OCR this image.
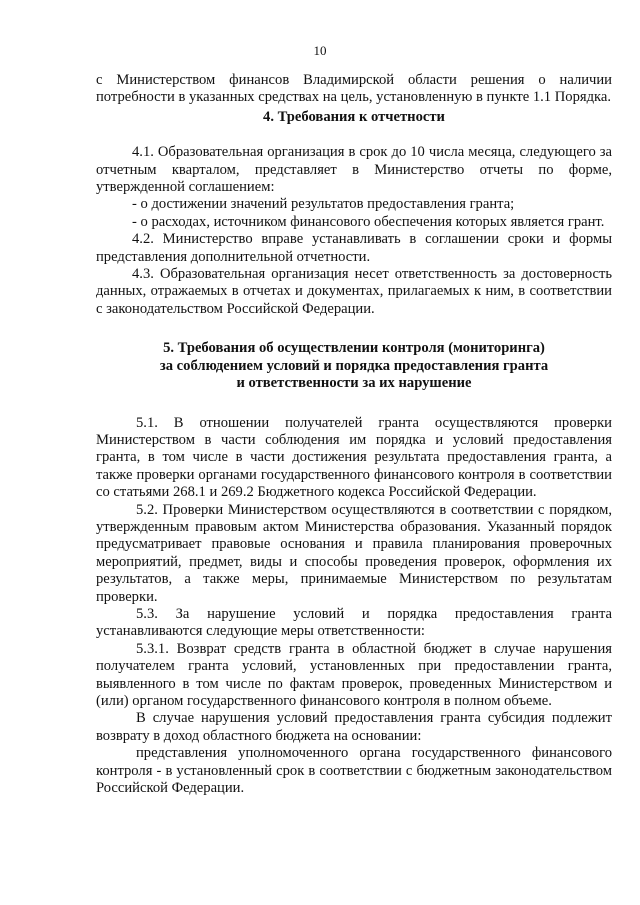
10

с Министерством финансов Владимирской области решения о наличии потребности в указанных средствах на цель, установленную в пункте 1.1 Порядка.

4. Требования к отчетности

4.1. Образовательная организация в срок до 10 числа месяца, следующего за отчетным кварталом, представляет в Министерство отчеты по форме, утвержденной соглашением:

- о достижении значений результатов предоставления гранта;

- о расходах, источником финансового обеспечения которых является грант.

4.2. Министерство вправе устанавливать в соглашении сроки и формы представления дополнительной отчетности.

4.3. Образовательная организация несет ответственность за достоверность данных, отражаемых в отчетах и документах, прилагаемых к ним, в соответствии с законодательством Российской Федерации.

5. Требования об осуществлении контроля (мониторинга)

за соблюдением условий и порядка предоставления гранта

и ответственности за их нарушение

5.1. В отношении получателей гранта осуществляются проверки Министерством в части соблюдения им порядка и условий предоставления гранта, в том числе в части достижения результата предоставления гранта, а также проверки органами государственного финансового контроля в соответствии со статьями 268.1 и 269.2 Бюджетного кодекса Российской Федерации.

5.2. Проверки Министерством осуществляются в соответствии с порядком, утвержденным правовым актом Министерства образования. Указанный порядок предусматривает правовые основания и правила планирования проверочных мероприятий, предмет, виды и способы проведения проверок, оформления их результатов, а также меры, принимаемые Министерством по результатам проверки.

5.3. За нарушение условий и порядка предоставления гранта устанавливаются следующие меры ответственности:

5.3.1. Возврат средств гранта в областной бюджет в случае нарушения получателем гранта условий, установленных при предоставлении гранта, выявленного в том числе по фактам проверок, проведенных Министерством и (или) органом государственного финансового контроля в полном объеме.

В случае нарушения условий предоставления гранта субсидия подлежит возврату в доход областного бюджета на основании:

представления уполномоченного органа государственного финансового контроля - в установленный срок в соответствии с бюджетным законодательством Российской Федерации.
